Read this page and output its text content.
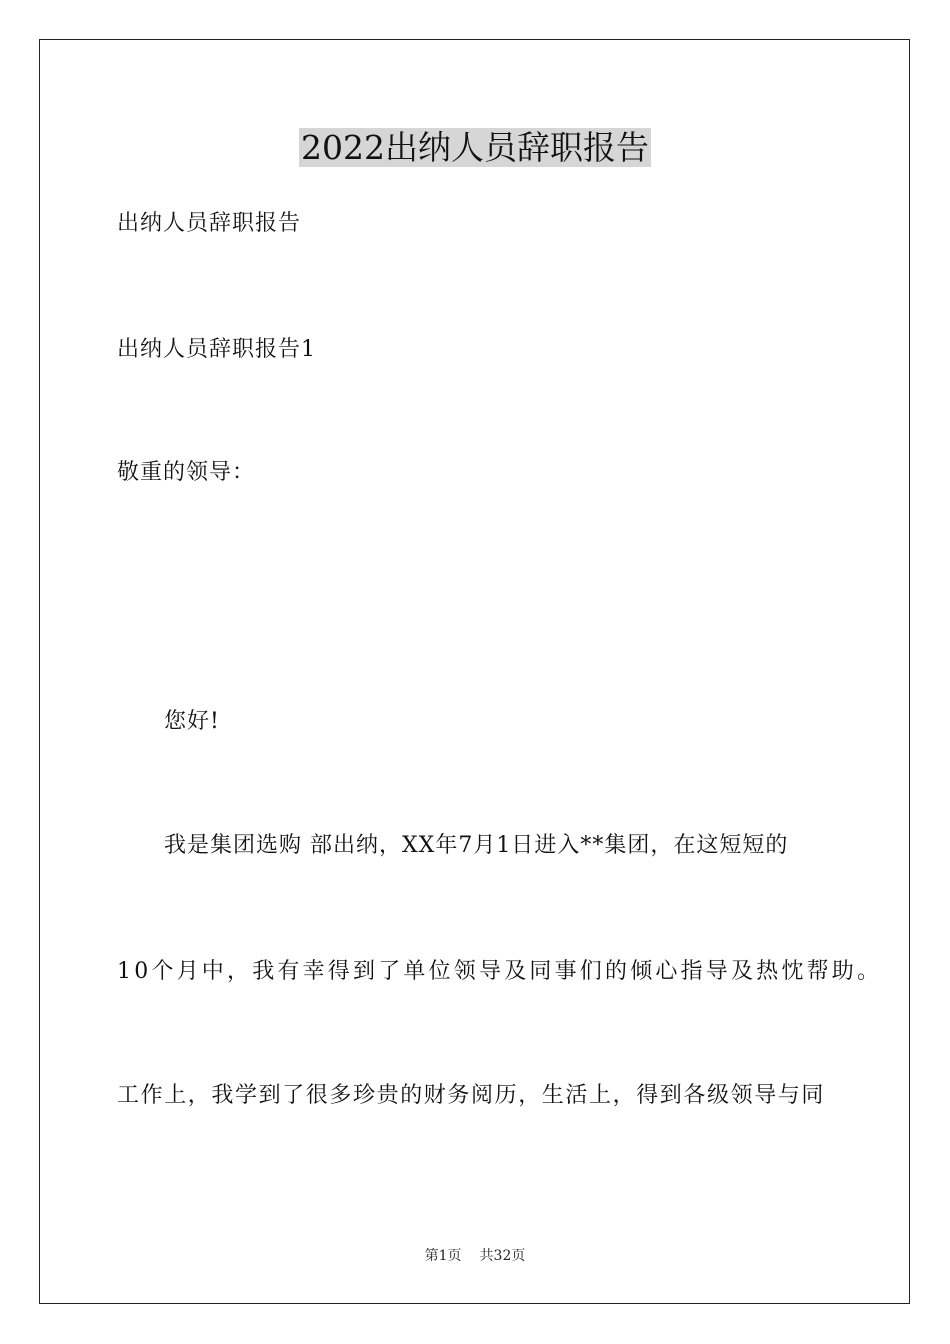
2022出纳人员辞职报告
出纳人员辞职报告
出纳人员辞职报告1
敬重的领导：
您好!
我是集团选购 部出纳，XX年7月1日进入**集团，在这短短的
10个月中，我有幸得到了单位领导及同事们的倾心指导及热忱帮助。
工作上，我学到了很多珍贵的财务阅历，生活上，得到各级领导与同
第1页 共32页
